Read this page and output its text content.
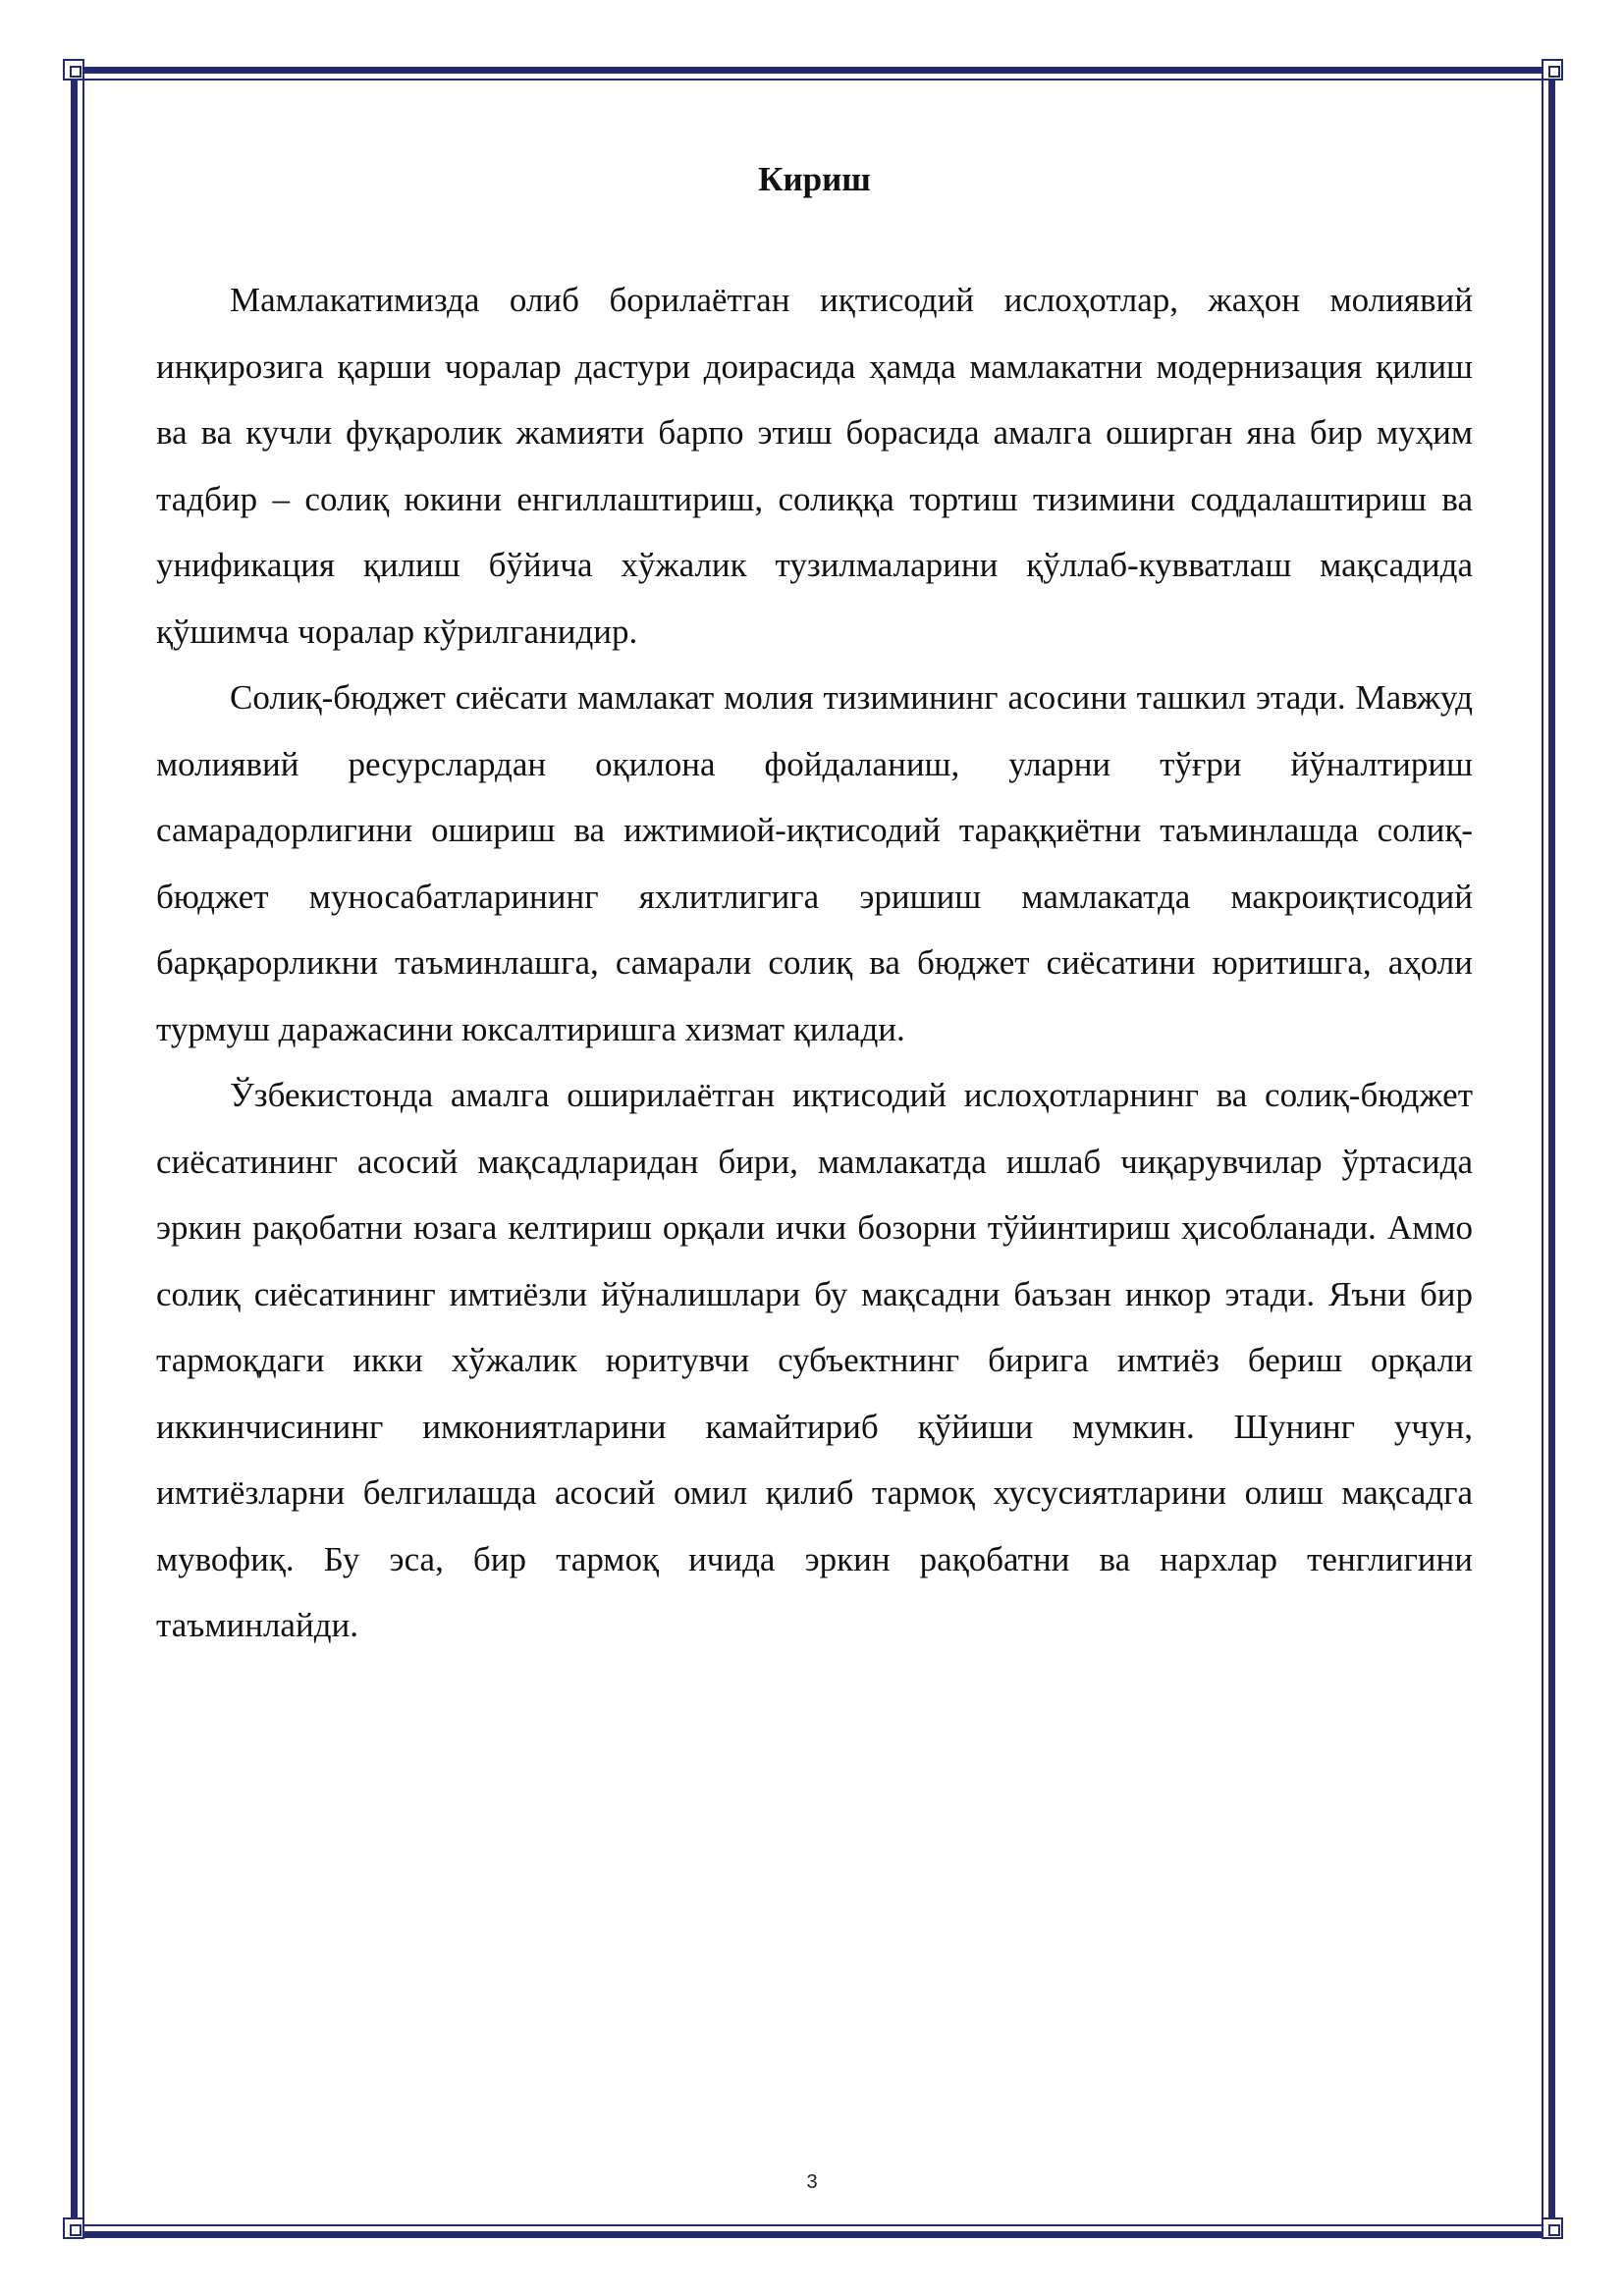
Кириш

Мамлакатимизда олиб борилаётган иқтисодий ислоҳотлар, жаҳон молиявий инқирозига қарши чоралар дастури доирасида ҳамда мамлакатни модернизация қилиш ва ва кучли фуқаролик жамияти барпо этиш борасида амалга оширган яна бир муҳим тадбир – солиқ юкини енгиллаштириш, солиққа тортиш тизимини соддалаштириш ва унификация қилиш бўйича хўжалик тузилмаларини қўллаб-кувватлаш мақсадида қўшимча чоралар кўрилганидир.

Солиқ-бюджет сиёсати мамлакат молия тизимининг асосини ташкил этади. Мавжуд молиявий ресурслардан оқилона фойдаланиш, уларни тўғри йўналтириш самарадорлигини ошириш ва ижтимиой-иқтисодий тараққиётни таъминлашда солиқ-бюджет муносабатларининг яхлитлигига эришиш мамлакатда макроиқтисодий барқарорликни таъминлашга, самарали солиқ ва бюджет сиёсатини юритишга, аҳоли турмуш даражасини юксалтиришга хизмат қилади.

Ўзбекистонда амалга оширилаётган иқтисодий ислоҳотларнинг ва солиқ-бюджет сиёсатининг асосий мақсадларидан бири, мамлакатда ишлаб чиқарувчилар ўртасида эркин рақобатни юзага келтириш орқали ички бозорни тўйинтириш ҳисобланади. Аммо солиқ сиёсатининг имтиёзли йўналишлари бу мақсадни баъзан инкор этади. Яъни бир тармоқдаги икки хўжалик юритувчи субъектнинг бирига имтиёз бериш орқали иккинчисининг имкониятларини камайтириб қўйиши мумкин. Шунинг учун, имтиёзларни белгилашда асосий омил қилиб тармоқ хусусиятларини олиш мақсадга мувофиқ. Бу эса, бир тармоқ ичида эркин рақобатни ва нархлар тенглигини таъминлайди.

3
